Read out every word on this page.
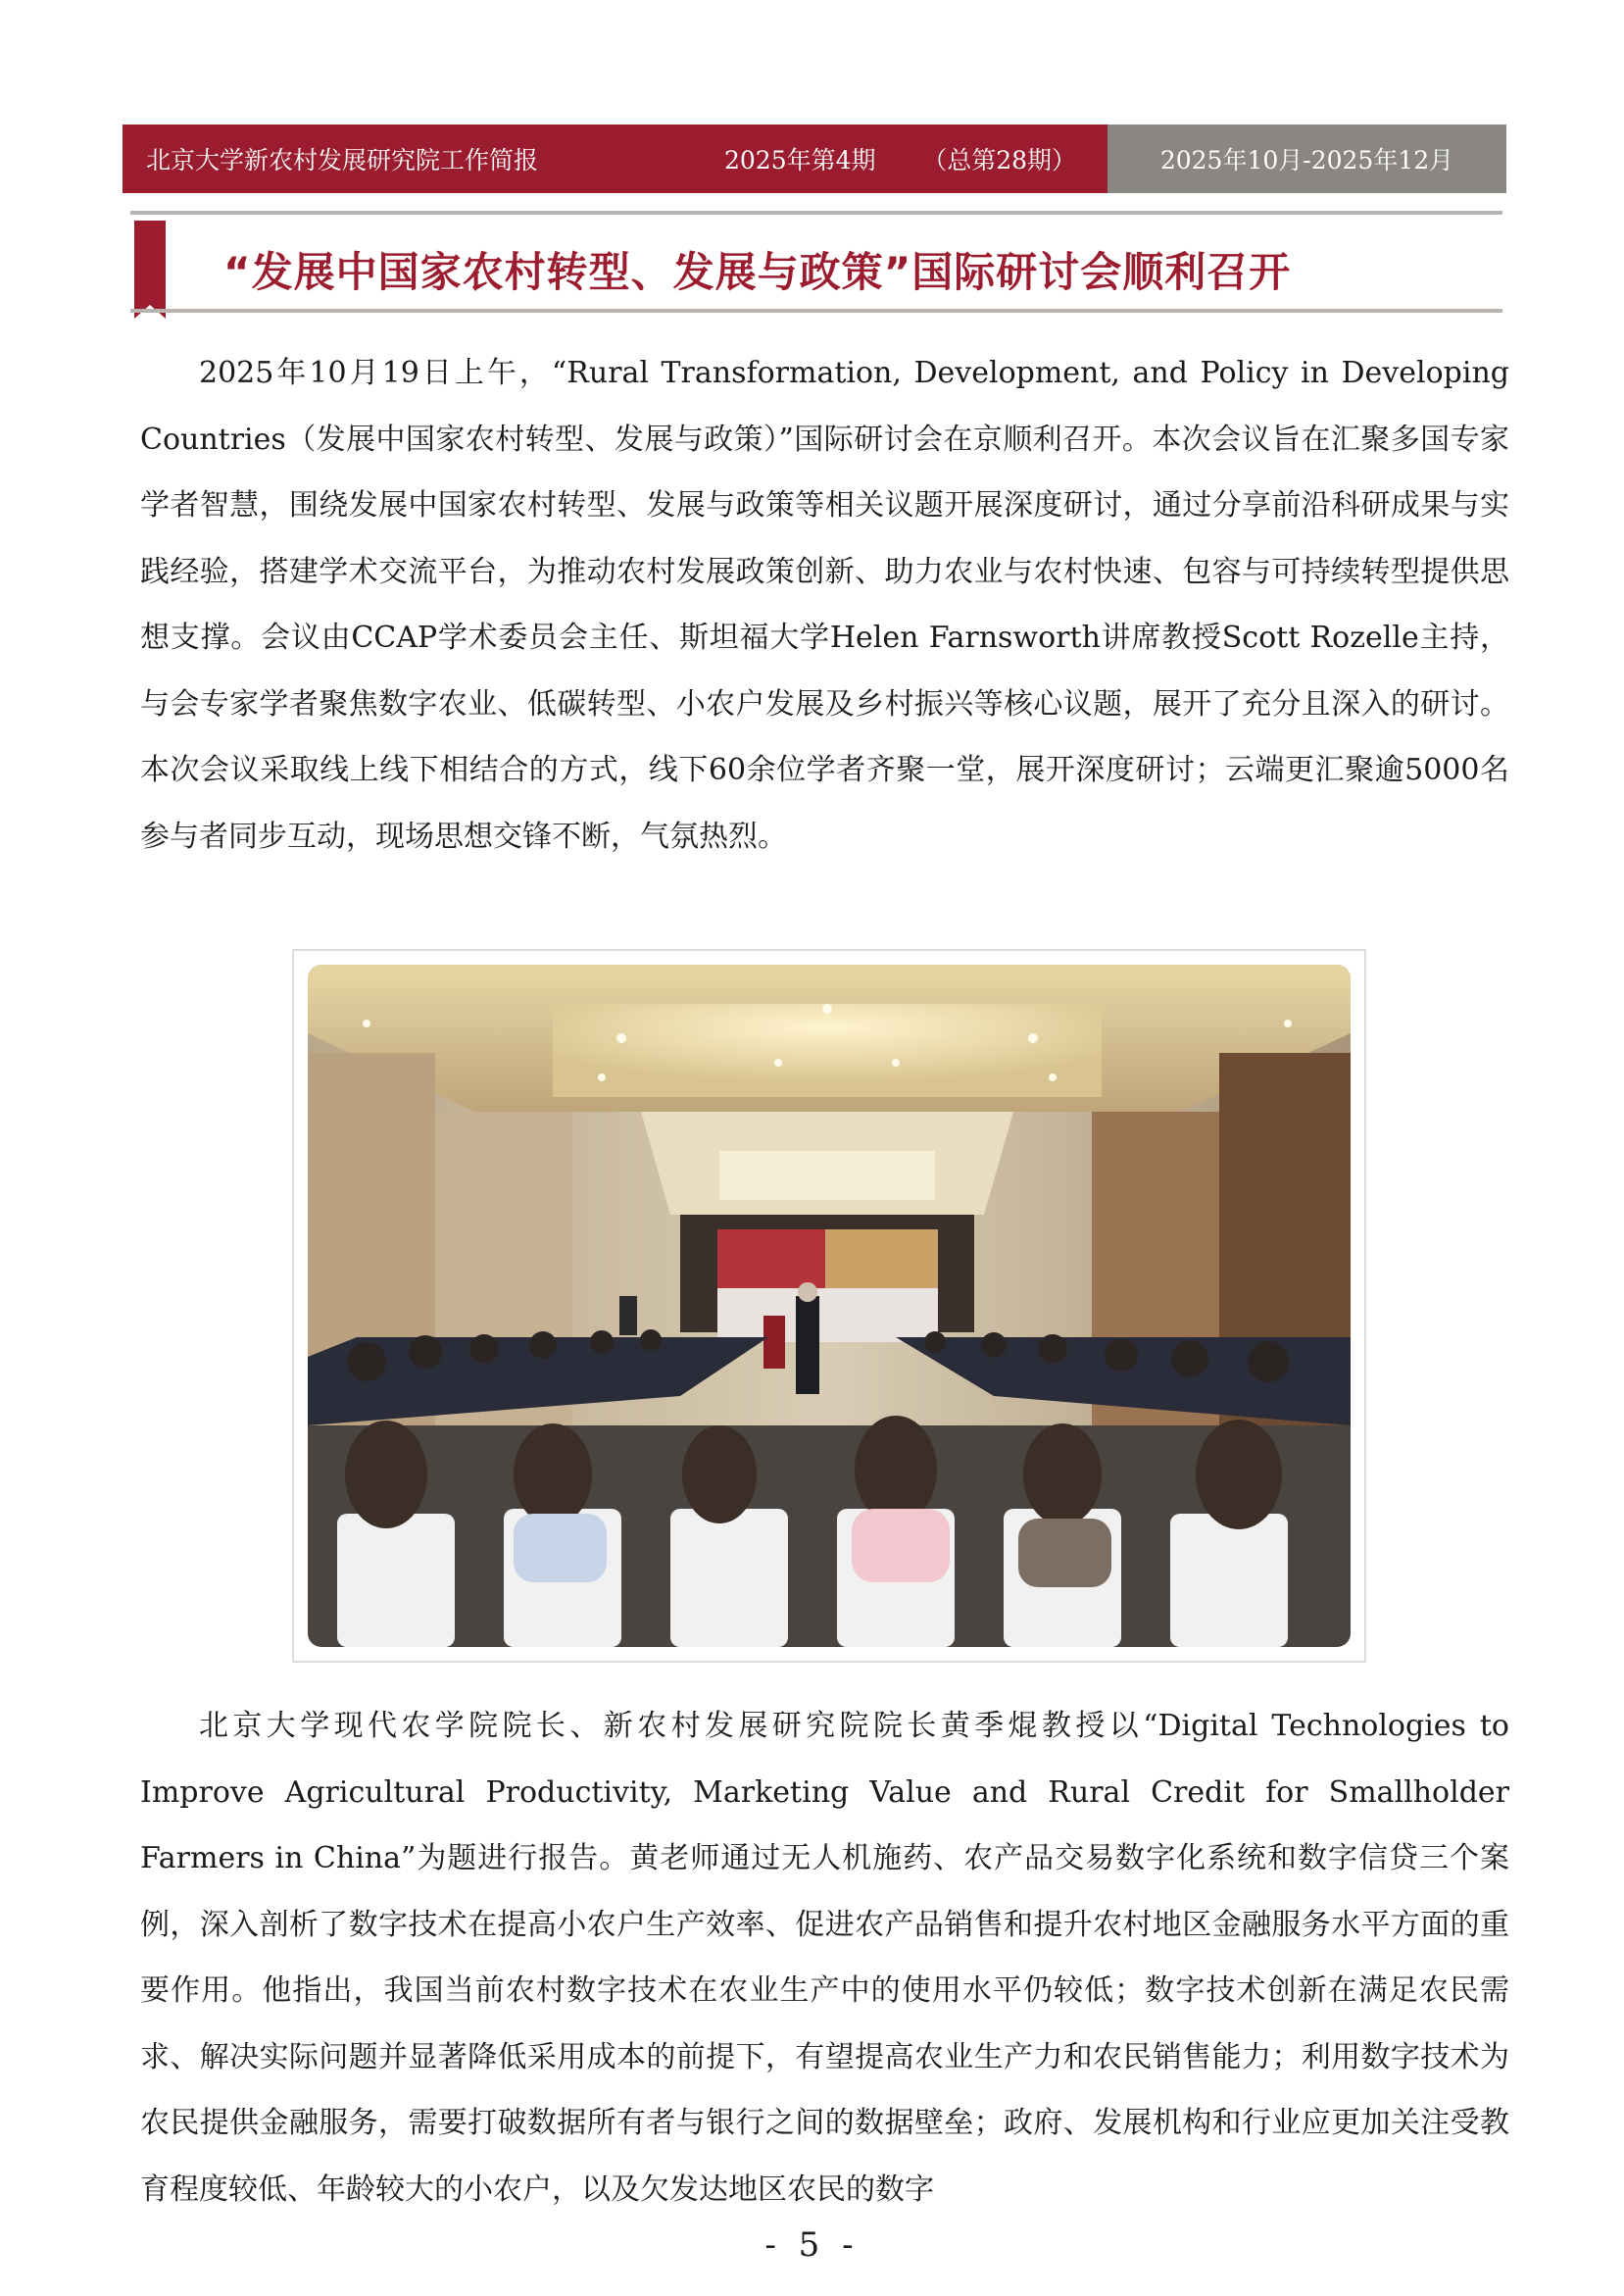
北京大学新农村发展研究院工作简报	2025年第4期      （总第28期）	2025年10月-2025年12月
“发展中国家农村转型、发展与政策”国际研讨会顺利召开

2025年10月19日上午，“Rural Transformation, Development, and Policy in Developing Countries（发展中国家农村转型、发展与政策）”国际研讨会在京顺利召开。本次会议旨在汇聚多国专家学者智慧，围绕发展中国家农村转型、发展与政策等相关议题开展深度研讨，通过分享前沿科研成果与实践经验，搭建学术交流平台，为推动农村发展政策创新、助力农业与农村快速、包容与可持续转型提供思想支撑。会议由CCAP学术委员会主任、斯坦福大学Helen Farnsworth讲席教授Scott Rozelle主持，与会专家学者聚焦数字农业、低碳转型、小农户发展及乡村振兴等核心议题，展开了充分且深入的研讨。本次会议采取线上线下相结合的方式，线下60余位学者齐聚一堂，展开深度研讨；云端更汇聚逾5000名参与者同步互动，现场思想交锋不断，气氛热烈。

北京大学现代农学院院长、新农村发展研究院院长黄季焜教授以“Digital Technologies to Improve Agricultural Productivity, Marketing Value and Rural Credit for Smallholder Farmers in China”为题进行报告。黄老师通过无人机施药、农产品交易数字化系统和数字信贷三个案例，深入剖析了数字技术在提高小农户生产效率、促进农产品销售和提升农村地区金融服务水平方面的重要作用。他指出，我国当前农村数字技术在农业生产中的使用水平仍较低；数字技术创新在满足农民需求、解决实际问题并显著降低采用成本的前提下，有望提高农业生产力和农民销售能力；利用数字技术为农民提供金融服务，需要打破数据所有者与银行之间的数据壁垒；政府、发展机构和行业应更加关注受教育程度较低、年龄较大的小农户，以及欠发达地区农民的数字

- 5 -
